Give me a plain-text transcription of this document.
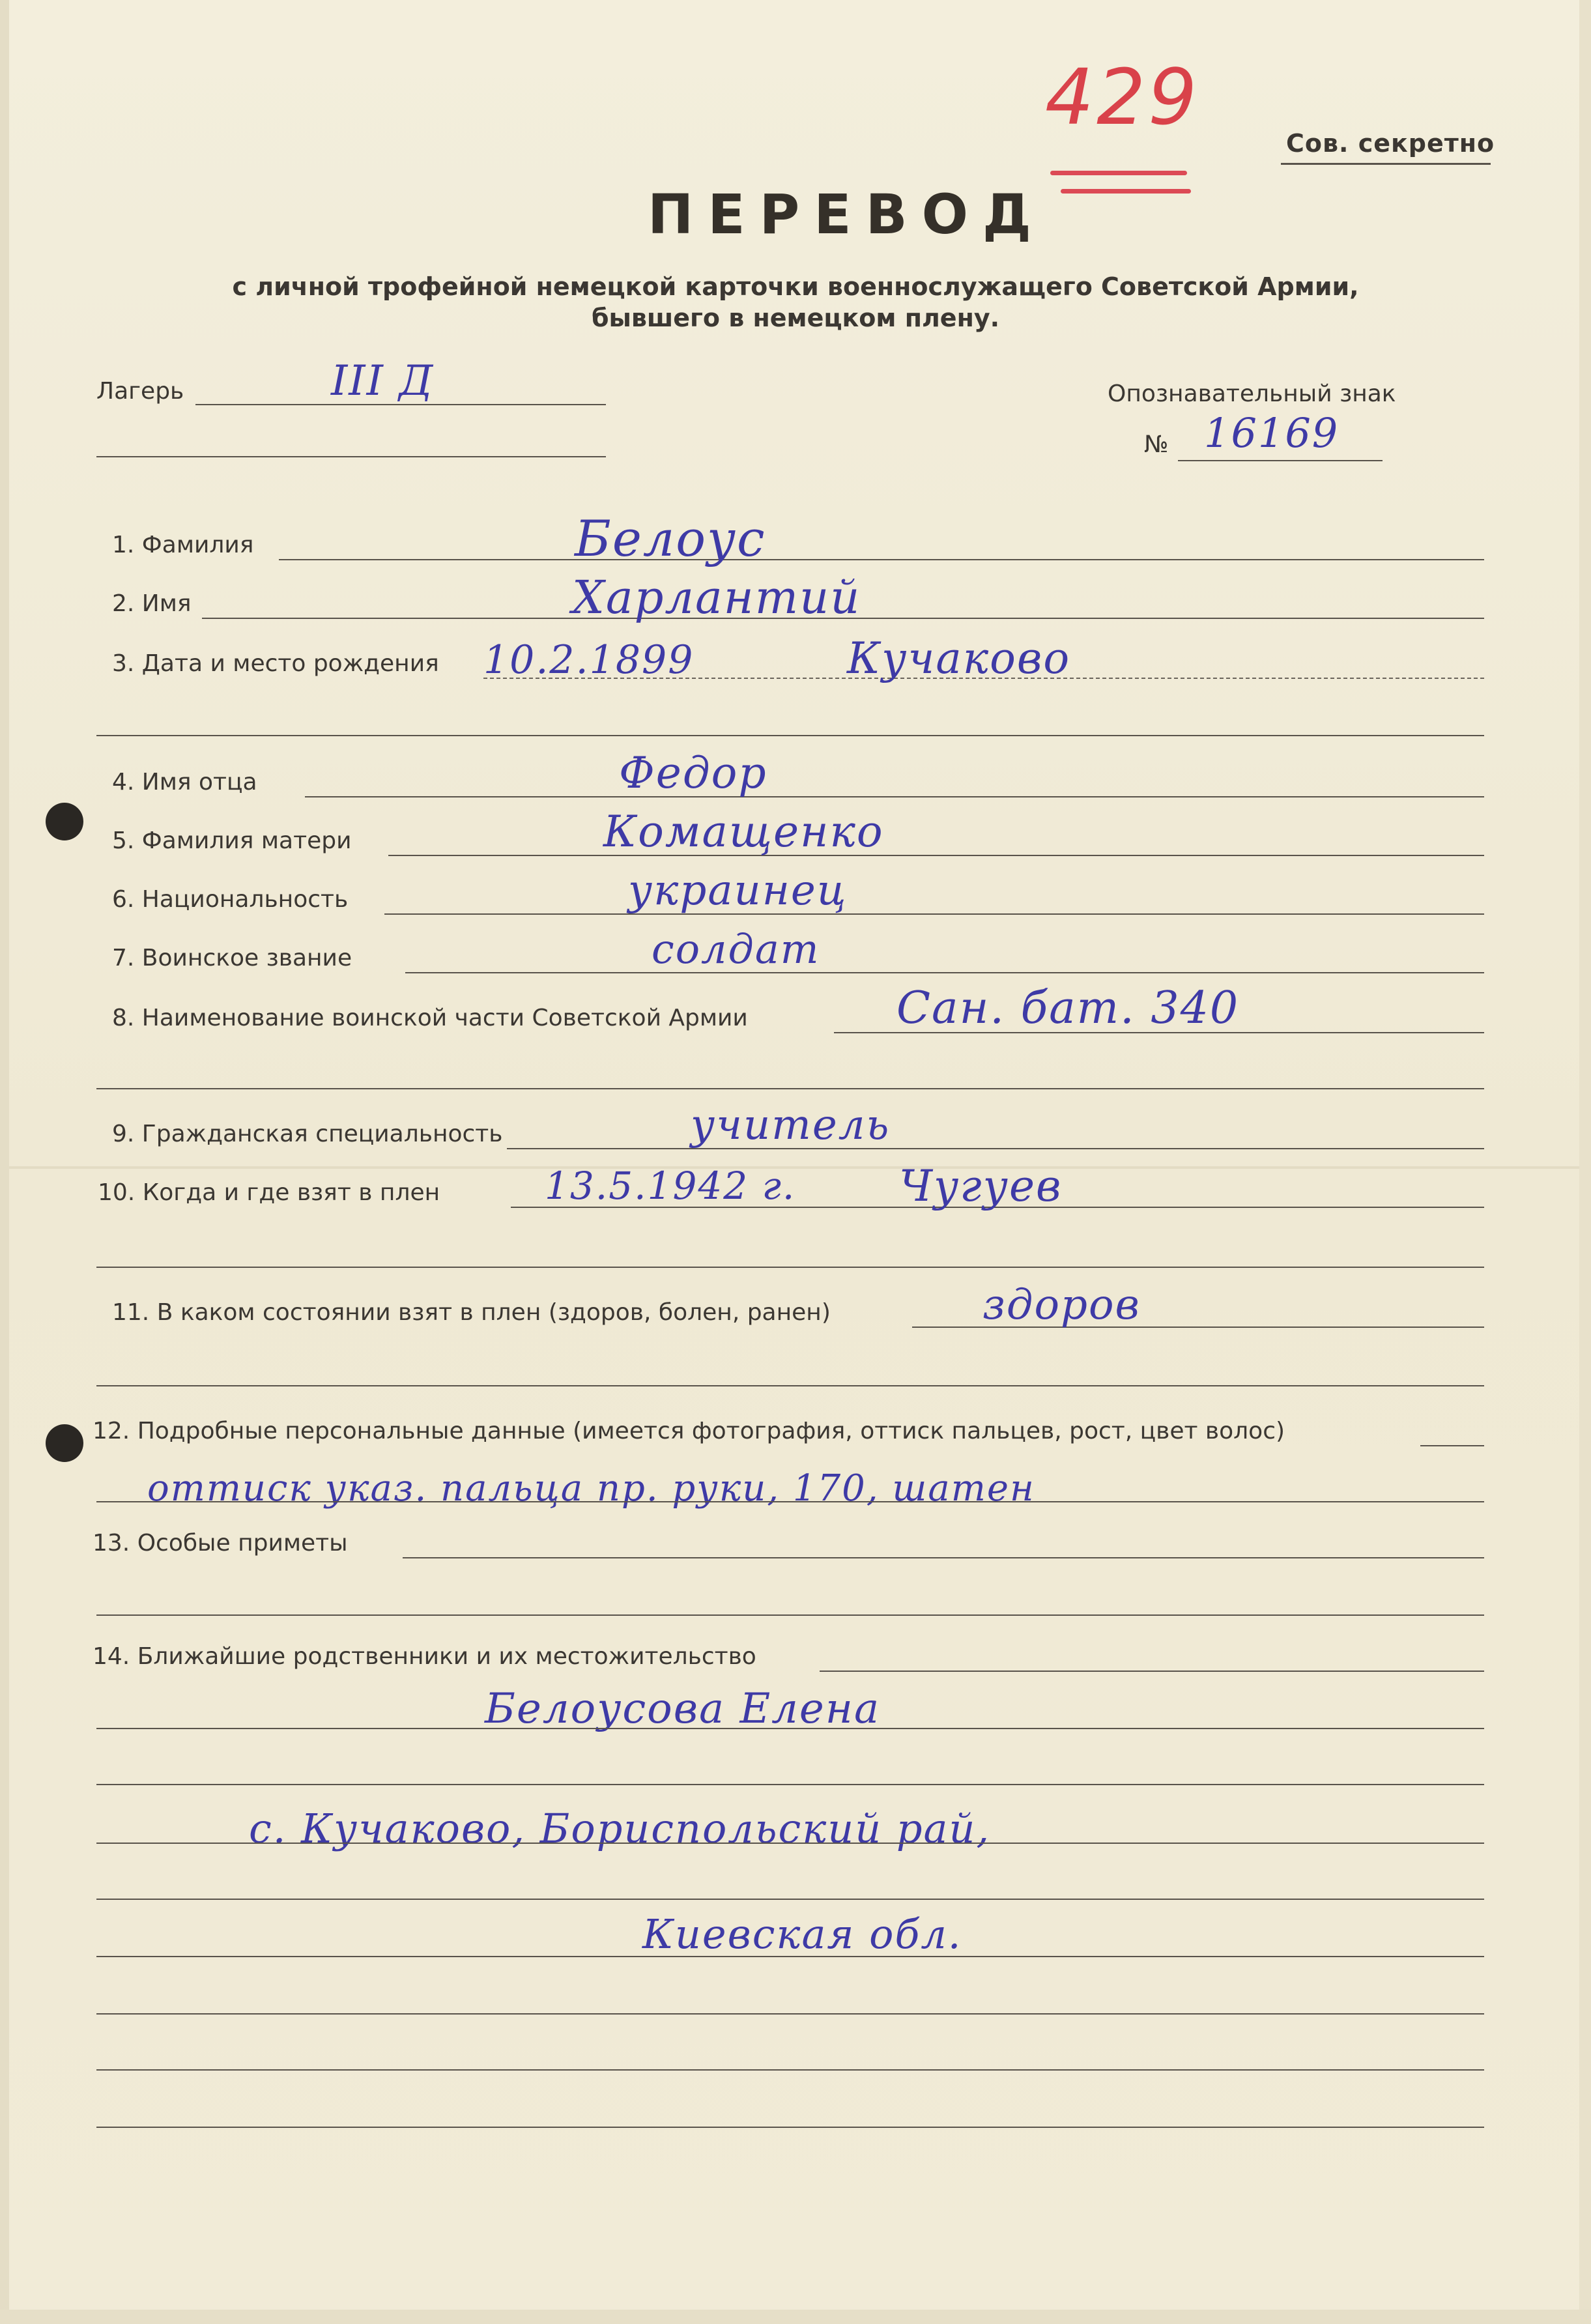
429
Сов. секретно
ПЕРЕВОД
с личной трофейной немецкой карточки военнослужащего Советской Армии,
бывшего в немецком плену.
Лагерь	III Д	Опознавательный знак
№ 16169
1. Фамилия	Белоус
2. Имя	Харлантий
3. Дата и место рождения 10.2.1899	Кучаково
4. Имя отца	Федор
5. Фамилия матери	Комащенко
6. Национальность	украинец
7. Воинское звание	солдат
8. Наименование воинской части Советской Армии	Сан. бат. 340
9. Гражданская специальность	учитель
10. Когда и где взят в плен	13.5.1942 г. Чугуев
11. В каком состоянии взят в плен (здоров, болен, ранен)	здоров
12. Подробные персональные данные (имеется фотография, оттиск пальцев, рост, цвет волос)
оттиск указ. пальца пр. руки, 170, шатен
13. Особые приметы
14. Ближайшие родственники и их местожительство
Белоусова Елена
с. Кучаково, Бориспольский рай,
Киевская обл.
